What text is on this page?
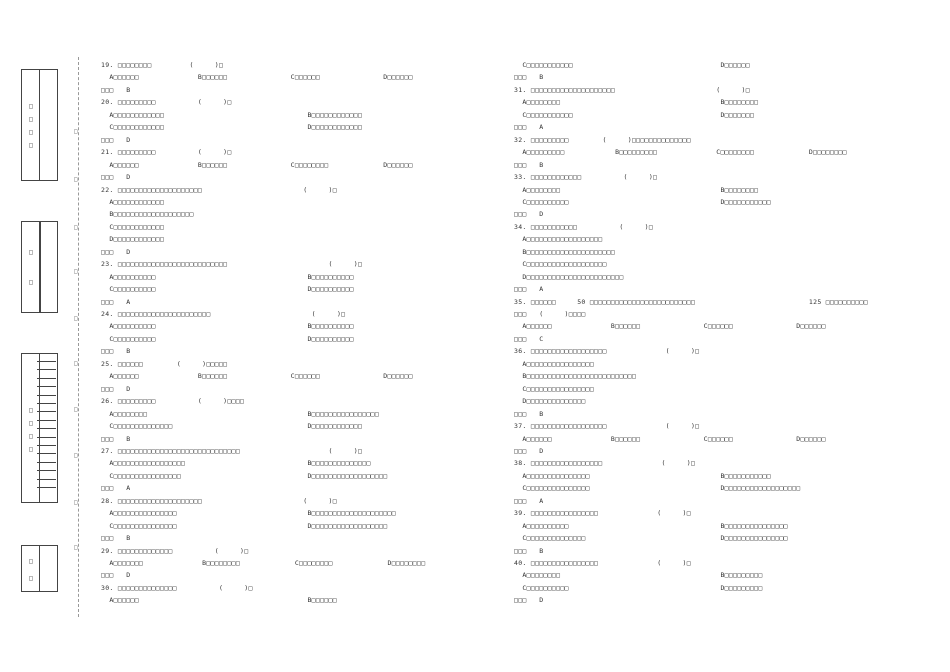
□
□
□
□
□
□
□
□
□
□
□
□
□
□
□
□
□
□
□
□
□
□
19. □□□□□□□□         (     )□
A□□□□□□              B□□□□□□               C□□□□□□               D□□□□□□
□□□   B
20. □□□□□□□□□          (     )□
A□□□□□□□□□□□□                                  B□□□□□□□□□□□□
C□□□□□□□□□□□□                                  D□□□□□□□□□□□□
□□□   D
21. □□□□□□□□□          (     )□
A□□□□□□              B□□□□□□               C□□□□□□□□             D□□□□□□
□□□   D
22. □□□□□□□□□□□□□□□□□□□□                        (     )□
A□□□□□□□□□□□□
B□□□□□□□□□□□□□□□□□□□
C□□□□□□□□□□□□
D□□□□□□□□□□□□
□□□   D
23. □□□□□□□□□□□□□□□□□□□□□□□□□□                        (     )□
A□□□□□□□□□□                                    B□□□□□□□□□□
C□□□□□□□□□□                                    D□□□□□□□□□□
□□□   A
24. □□□□□□□□□□□□□□□□□□□□□□                        (     )□
A□□□□□□□□□□                                    B□□□□□□□□□□
C□□□□□□□□□□                                    D□□□□□□□□□□
□□□   B
25. □□□□□□        (     )□□□□□
A□□□□□□              B□□□□□□               C□□□□□□               D□□□□□□
□□□   D
26. □□□□□□□□□          (     )□□□□
A□□□□□□□□                                      B□□□□□□□□□□□□□□□□
C□□□□□□□□□□□□□□                                D□□□□□□□□□□□□
□□□   B
27. □□□□□□□□□□□□□□□□□□□□□□□□□□□□□                     (     )□
A□□□□□□□□□□□□□□□□□                             B□□□□□□□□□□□□□□
C□□□□□□□□□□□□□□□□                              D□□□□□□□□□□□□□□□□□□
□□□   A
28. □□□□□□□□□□□□□□□□□□□□                        (     )□
A□□□□□□□□□□□□□□□                               B□□□□□□□□□□□□□□□□□□□□
C□□□□□□□□□□□□□□□                               D□□□□□□□□□□□□□□□□□□
□□□   B
29. □□□□□□□□□□□□□          (     )□
A□□□□□□□              B□□□□□□□□             C□□□□□□□□             D□□□□□□□□
□□□   D
30. □□□□□□□□□□□□□□          (     )□
A□□□□□□                                        B□□□□□□
C□□□□□□□□□□□                                   D□□□□□□
□□□   B
31. □□□□□□□□□□□□□□□□□□□□                        (     )□
A□□□□□□□□                                      B□□□□□□□□
C□□□□□□□□□□□                                   D□□□□□□□
□□□   A
32. □□□□□□□□□        (     )□□□□□□□□□□□□□□
A□□□□□□□□□            B□□□□□□□□□              C□□□□□□□□             D□□□□□□□□
□□□   B
33. □□□□□□□□□□□□          (     )□
A□□□□□□□□                                      B□□□□□□□□
C□□□□□□□□□□                                    D□□□□□□□□□□□
□□□   D
34. □□□□□□□□□□□          (     )□
A□□□□□□□□□□□□□□□□□□
B□□□□□□□□□□□□□□□□□□□□□
C□□□□□□□□□□□□□□□□□□□
D□□□□□□□□□□□□□□□□□□□□□□□
□□□   A
35. □□□□□□     50 □□□□□□□□□□□□□□□□□□□□□□□□□                           125 □□□□□□□□□□
□□□   (     )□□□□
A□□□□□□              B□□□□□□               C□□□□□□               D□□□□□□
□□□   C
36. □□□□□□□□□□□□□□□□□□              (     )□
A□□□□□□□□□□□□□□□□
B□□□□□□□□□□□□□□□□□□□□□□□□□□
C□□□□□□□□□□□□□□□□
D□□□□□□□□□□□□□□
□□□   B
37. □□□□□□□□□□□□□□□□□□              (     )□
A□□□□□□              B□□□□□□               C□□□□□□               D□□□□□□
□□□   D
38. □□□□□□□□□□□□□□□□□              (     )□
A□□□□□□□□□□□□□□□                               B□□□□□□□□□□□
C□□□□□□□□□□□□□□□                               D□□□□□□□□□□□□□□□□□□
□□□   A
39. □□□□□□□□□□□□□□□□              (     )□
A□□□□□□□□□□                                    B□□□□□□□□□□□□□□□
C□□□□□□□□□□□□□□                                D□□□□□□□□□□□□□□□
□□□   B
40. □□□□□□□□□□□□□□□□              (     )□
A□□□□□□□□                                      B□□□□□□□□□
C□□□□□□□□□□                                    D□□□□□□□□□
□□□   D
